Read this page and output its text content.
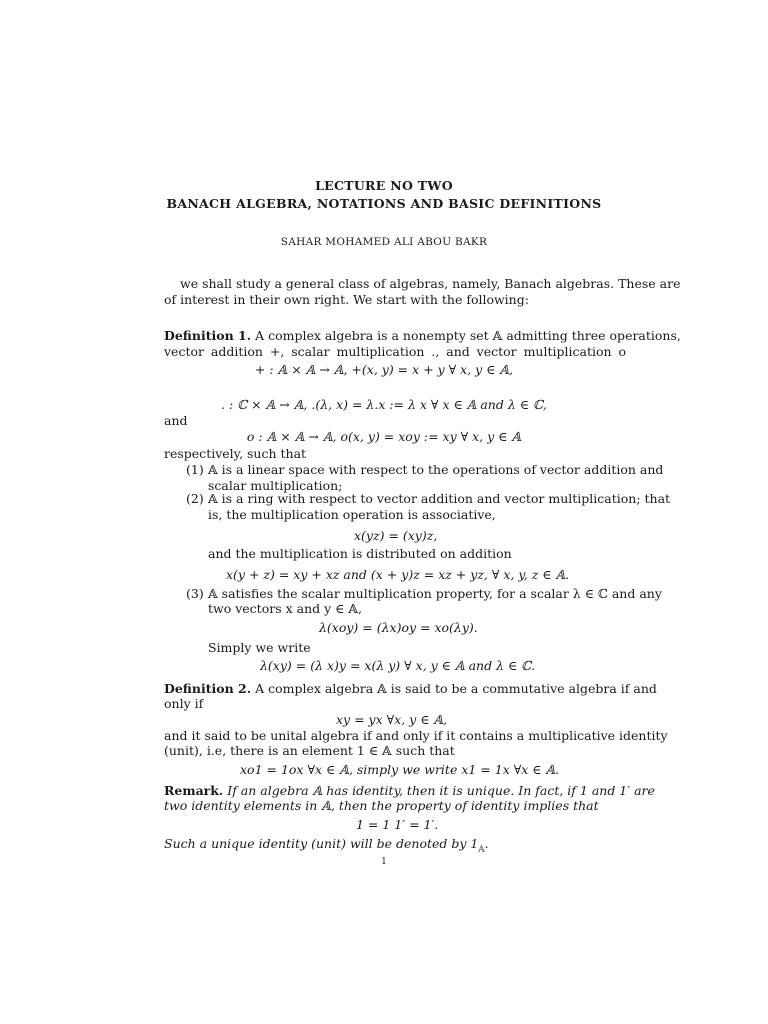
LECTURE NO TWO
BANACH ALGEBRA, NOTATIONS AND BASIC DEFINITIONS
SAHAR MOHAMED ALI ABOU BAKR
we shall study a general class of algebras, namely, Banach algebras. These are
of interest in their own right. We start with the following:
Definition 1. A complex algebra is a nonempty set 𝔸 admitting three operations,
vector addition +, scalar multiplication ., and vector multiplication o
+ : 𝔸 × 𝔸 → 𝔸, +(x, y) = x + y ∀ x, y ∈ 𝔸,
. : ℂ × 𝔸 → 𝔸, .(λ, x) = λ.x := λ x ∀ x ∈ 𝔸 and λ ∈ ℂ,
and
o : 𝔸 × 𝔸 → 𝔸, o(x, y) = xoy := xy ∀ x, y ∈ 𝔸
respectively, such that
(1) 𝔸 is a linear space with respect to the operations of vector addition and
scalar multiplication;
(2) 𝔸 is a ring with respect to vector addition and vector multiplication; that
is, the multiplication operation is associative,
x(yz) = (xy)z,
and the multiplication is distributed on addition
x(y + z) = xy + xz and (x + y)z = xz + yz, ∀ x, y, z ∈ 𝔸.
(3) 𝔸 satisfies the scalar multiplication property, for a scalar λ ∈ ℂ and any
two vectors x and y ∈ 𝔸,
λ(xoy) = (λx)oy = xo(λy).
Simply we write
λ(xy) = (λ x)y = x(λ y) ∀ x, y ∈ 𝔸 and λ ∈ ℂ.
Definition 2. A complex algebra 𝔸 is said to be a commutative algebra if and
only if
xy = yx ∀x, y ∈ 𝔸,
and it said to be unital algebra if and only if it contains a multiplicative identity
(unit), i.e, there is an element 1 ∈ 𝔸 such that
xo1 = 1ox ∀x ∈ 𝔸, simply we write x1 = 1x ∀x ∈ 𝔸.
Remark. If an algebra 𝔸 has identity, then it is unique. In fact, if 1 and 1′ are
two identity elements in 𝔸, then the property of identity implies that
1 = 1 1′ = 1′.
Such a unique identity (unit) will be denoted by $1_𝔸$.
1
